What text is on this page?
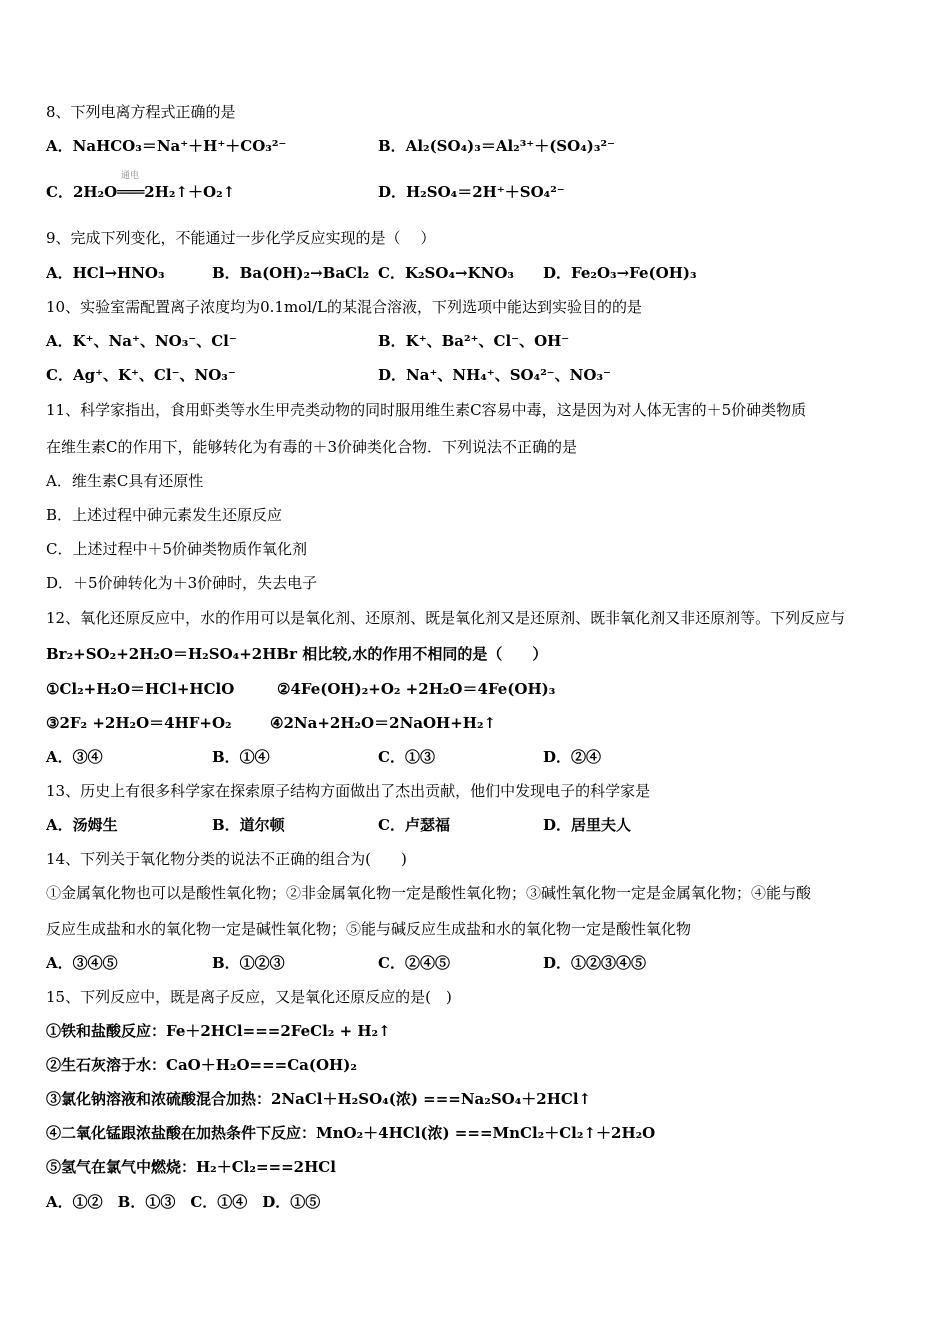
8、下列电离方程式正确的是
A．NaHCO₃＝Na⁺＋H⁺＋CO₃²⁻	B．Al₂(SO₄)₃＝Al₂³⁺＋(SO₄)₃²⁻
通电
C．2H₂O═══2H₂↑＋O₂↑	D．H₂SO₄＝2H⁺＋SO₄²⁻
9、完成下列变化，不能通过一步化学反应实现的是（　 ）
A．HCl→HNO₃	B．Ba(OH)₂→BaCl₂ C．K₂SO₄→KNO₃ D．Fe₂O₃→Fe(OH)₃
10、实验室需配置离子浓度均为0.1mol/L的某混合溶液，下列选项中能达到实验目的的是
A．K⁺、Na⁺、NO₃⁻、Cl⁻	B．K⁺、Ba²⁺、Cl⁻、OH⁻
C．Ag⁺、K⁺、Cl⁻、NO₃⁻	D．Na⁺、NH₄⁺、SO₄²⁻、NO₃⁻
11、科学家指出，食用虾类等水生甲壳类动物的同时服用维生素C容易中毒，这是因为对人体无害的＋5价砷类物质
在维生素C的作用下，能够转化为有毒的＋3价砷类化合物．下列说法不正确的是
A．维生素C具有还原性
B．上述过程中砷元素发生还原反应
C．上述过程中＋5价砷类物质作氧化剂
D．＋5价砷转化为＋3价砷时，失去电子
12、氧化还原反应中，水的作用可以是氧化剂、还原剂、既是氧化剂又是还原剂、既非氧化剂又非还原剂等。下列反应与
Br₂+SO₂+2H₂O＝H₂SO₄+2HBr 相比较,水的作用不相同的是（　　）
①Cl₂+H₂O＝HCl+HClO	②4Fe(OH)₂+O₂ +2H₂O＝4Fe(OH)₃
③2F₂ +2H₂O＝4HF+O₂	④2Na+2H₂O＝2NaOH+H₂↑
A．③④	B．①④	C．①③	D．②④
13、历史上有很多科学家在探索原子结构方面做出了杰出贡献，他们中发现电子的科学家是
A．汤姆生	B．道尔顿	C．卢瑟福	D．居里夫人
14、下列关于氧化物分类的说法不正确的组合为(　　)
①金属氧化物也可以是酸性氧化物；②非金属氧化物一定是酸性氧化物；③碱性氧化物一定是金属氧化物；④能与酸
反应生成盐和水的氧化物一定是碱性氧化物；⑤能与碱反应生成盐和水的氧化物一定是酸性氧化物
A．③④⑤	B．①②③	C．②④⑤	D．①②③④⑤
15、下列反应中，既是离子反应，又是氧化还原反应的是(　)
①铁和盐酸反应：Fe＋2HCl===2FeCl₂ + H₂↑
②生石灰溶于水：CaO＋H₂O===Ca(OH)₂
③氯化钠溶液和浓硫酸混合加热：2NaCl＋H₂SO₄(浓) ===Na₂SO₄＋2HCl↑
④二氧化锰跟浓盐酸在加热条件下反应：MnO₂＋4HCl(浓) ===MnCl₂＋Cl₂↑＋2H₂O
⑤氢气在氯气中燃烧：H₂＋Cl₂===2HCl
A．①②　B．①③　C．①④　D．①⑤
